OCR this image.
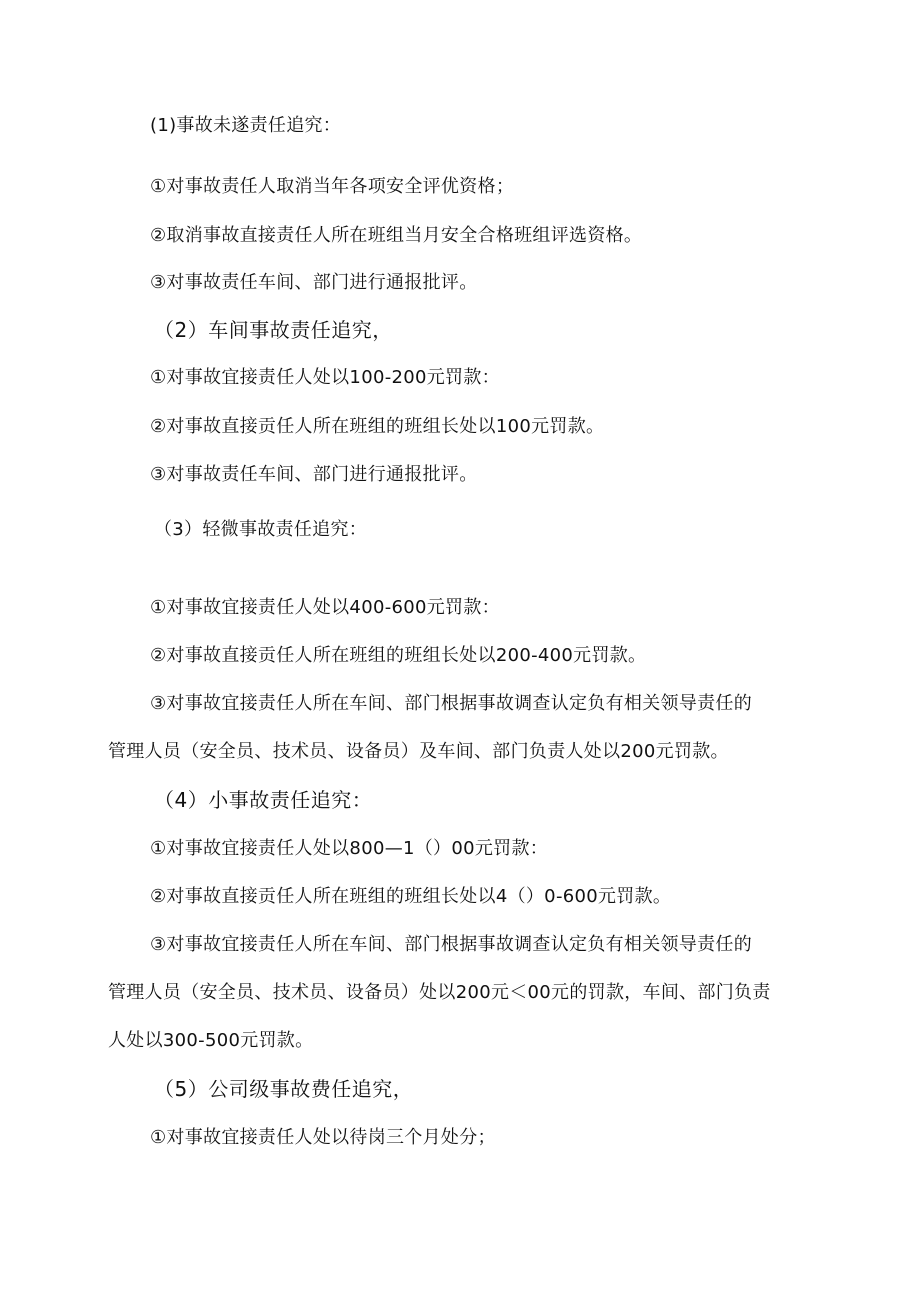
(1)事故未遂责任追究：
①对事故责任人取消当年各项安全评优资格；
②取消事故直接责任人所在班组当月安全合格班组评选资格。
③对事故责任车间、部门进行通报批评。
（2）车间事故责任追究，
①对事故宜接责任人处以100-200元罚款：
②对事故直接贡任人所在班组的班组长处以100元罚款。
③对事故责任车间、部门进行通报批评。
（3）轻微事故责任追究：
①对事故宜接责任人处以400-600元罚款：
②对事故直接贡任人所在班组的班组长处以200-400元罚款。
③对事故宜接责任人所在车间、部门根据事故调查认定负有相关领导责任的
管理人员（安全员、技术员、设备员）及车间、部门负责人处以200元罚款。
（4）小事故责任追究：
①对事故宜接责任人处以800—1（）00元罚款：
②对事故直接贡任人所在班组的班组长处以4（）0-600元罚款。
③对事故宜接责任人所在车间、部门根据事故调查认定负有相关领导责任的
管理人员（安全员、技术员、设备员）处以200元＜00元的罚款，车间、部门负责
人处以300-500元罚款。
（5）公司级事故费任追究，
①对事故宜接责任人处以待岗三个月处分；
